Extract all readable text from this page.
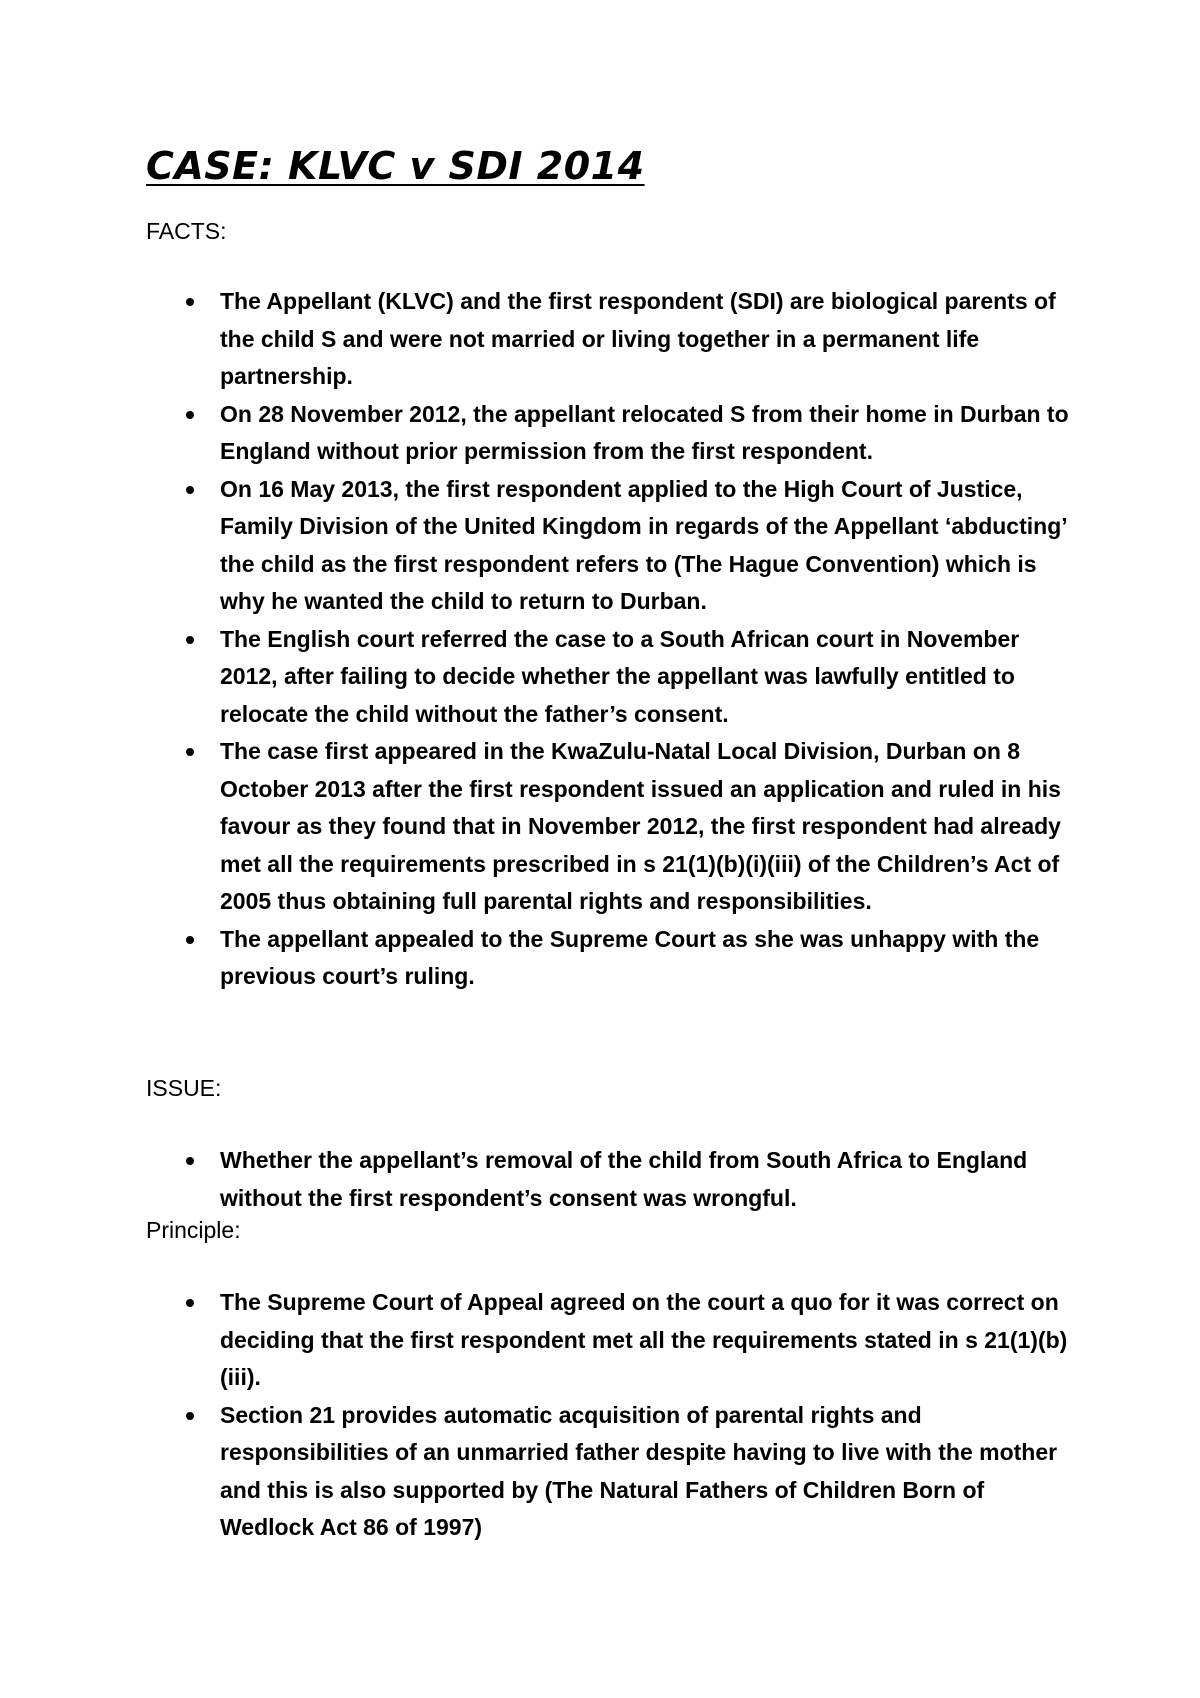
CASE: KLVC v SDI 2014
FACTS:
The Appellant (KLVC) and the first respondent (SDI) are biological parents of the child S and were not married or living together in a permanent life partnership.
On 28 November 2012, the appellant relocated S from their home in Durban to England without prior permission from the first respondent.
On 16 May 2013, the first respondent applied to the High Court of Justice, Family Division of the United Kingdom in regards of the Appellant ‘abducting’ the child as the first respondent refers to (The Hague Convention) which is why he wanted the child to return to Durban.
The English court referred the case to a South African court in November 2012, after failing to decide whether the appellant was lawfully entitled to relocate the child without the father’s consent.
The case first appeared in the KwaZulu-Natal Local Division, Durban on 8 October 2013 after the first respondent issued an application and ruled in his favour as they found that in November 2012, the first respondent had already met all the requirements prescribed in s 21(1)(b)(i)(iii) of the Children’s Act of 2005 thus obtaining full parental rights and responsibilities.
The appellant appealed to the Supreme Court as she was unhappy with the previous court’s ruling.
ISSUE:
Whether the appellant’s removal of the child from South Africa to England without the first respondent’s consent was wrongful.
Principle:
The Supreme Court of Appeal agreed on the court a quo for it was correct on deciding that the first respondent met all the requirements stated in s 21(1)(b)(iii).
Section 21 provides automatic acquisition of parental rights and responsibilities of an unmarried father despite having to live with the mother and this is also supported by (The Natural Fathers of Children Born of Wedlock Act 86 of 1997)
